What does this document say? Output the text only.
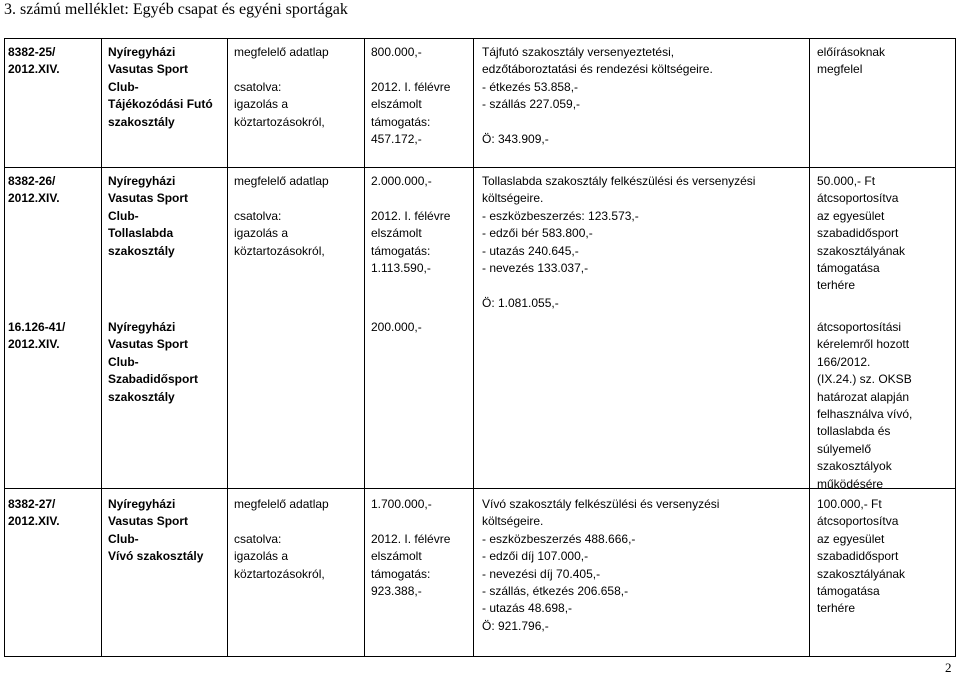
3. számú melléklet: Egyéb csapat és egyéni sportágak
8382-25/
2012.XIV.
Nyíregyházi
Vasutas Sport
Club-
Tájékozódási Futó
szakosztály
megfelelő adatlap

csatolva:
igazolás a
köztartozásokról,
800.000,-

2012. I. félévre
elszámolt
támogatás:
457.172,-
Tájfutó szakosztály versenyeztetési,
edzőtáboroztatási és rendezési költségeire.
- étkezés 53.858,-
- szállás 227.059,-

Ö: 343.909,-
előírásoknak
megfelel
8382-26/
2012.XIV.
Nyíregyházi
Vasutas Sport
Club-
Tollaslabda
szakosztály
megfelelő adatlap

csatolva:
igazolás a
köztartozásokról,
2.000.000,-

2012. I. félévre
elszámolt
támogatás:
1.113.590,-
Tollaslabda szakosztály felkészülési és versenyzési
költségeire.
- eszközbeszerzés: 123.573,-
- edzői bér 583.800,-
- utazás 240.645,-
- nevezés 133.037,-

Ö: 1.081.055,-
50.000,- Ft
átcsoportosítva
az egyesület
szabadidősport
szakosztályának
támogatása
terhére
16.126-41/
2012.XIV.
Nyíregyházi
Vasutas Sport
Club-
Szabadidősport
szakosztály
200.000,-	átcsoportosítási
kérelemről hozott
166/2012.
(IX.24.) sz. OKSB
határozat alapján
felhasználva vívó,
tollaslabda és
súlyemelő
szakosztályok
működésére
8382-27/
2012.XIV.
Nyíregyházi
Vasutas Sport
Club-
Vívó szakosztály
megfelelő adatlap

csatolva:
igazolás a
köztartozásokról,
1.700.000,-

2012. I. félévre
elszámolt
támogatás:
923.388,-
Vívó szakosztály felkészülési és versenyzési
költségeire.
- eszközbeszerzés 488.666,-
- edzői díj 107.000,-
- nevezési díj 70.405,-
- szállás, étkezés 206.658,-
- utazás 48.698,-
Ö: 921.796,-
100.000,- Ft
átcsoportosítva
az egyesület
szabadidősport
szakosztályának
támogatása
terhére
2
